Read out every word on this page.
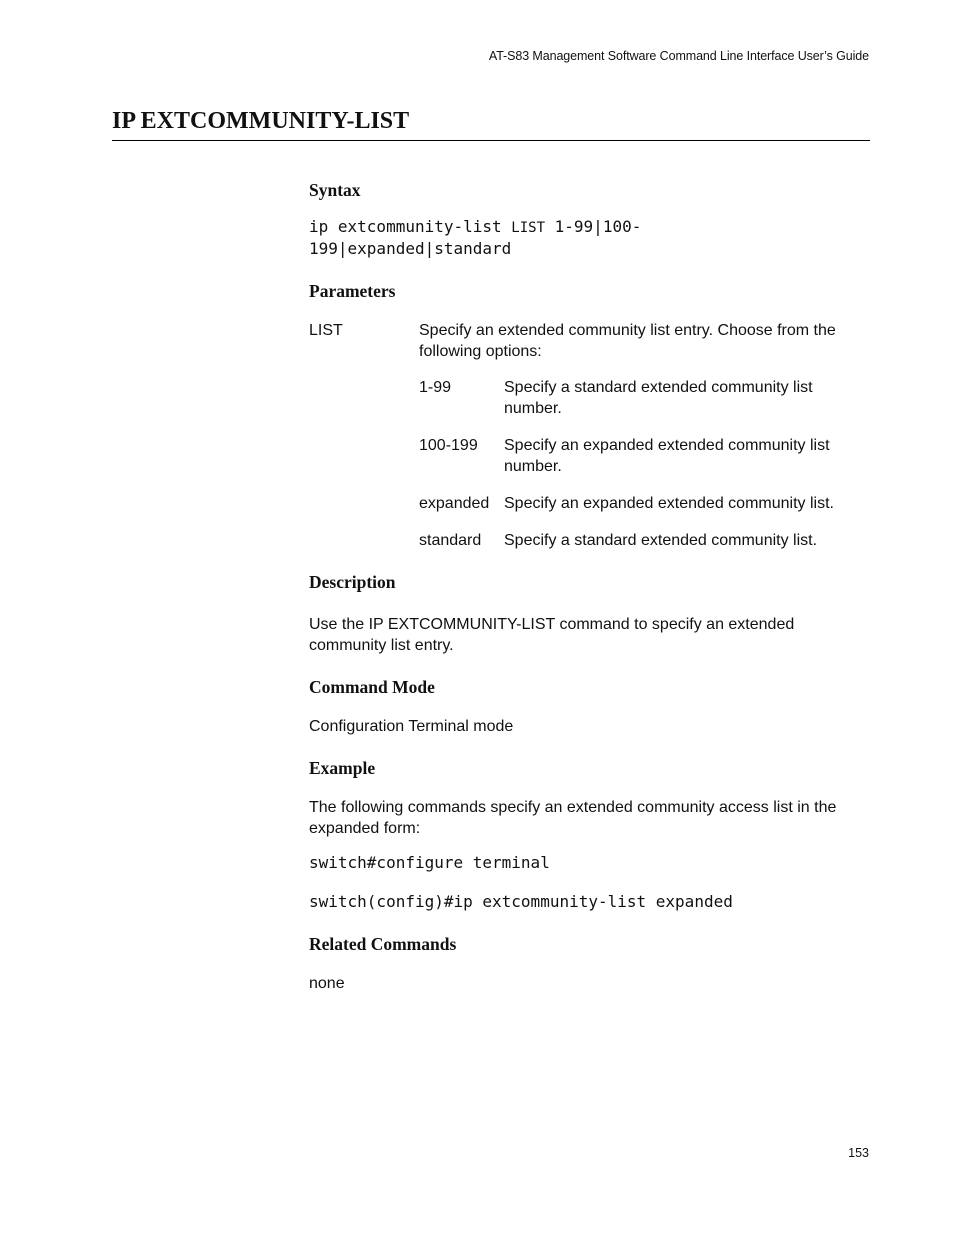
AT-S83 Management Software Command Line Interface User’s Guide
IP EXTCOMMUNITY-LIST
Syntax
ip extcommunity-list LIST 1-99|100-
199|expanded|standard
Parameters
LIST	Specify an extended community list entry. Choose from the following options:
1-99	Specify a standard extended community list number.
100-199 Specify an expanded extended community list number.
expanded Specify an expanded extended community list.
standard Specify a standard extended community list.
Description
Use the IP EXTCOMMUNITY-LIST command to specify an extended community list entry.
Command Mode
Configuration Terminal mode
Example
The following commands specify an extended community access list in the expanded form:
switch#configure terminal
switch(config)#ip extcommunity-list expanded
Related Commands
none
153
